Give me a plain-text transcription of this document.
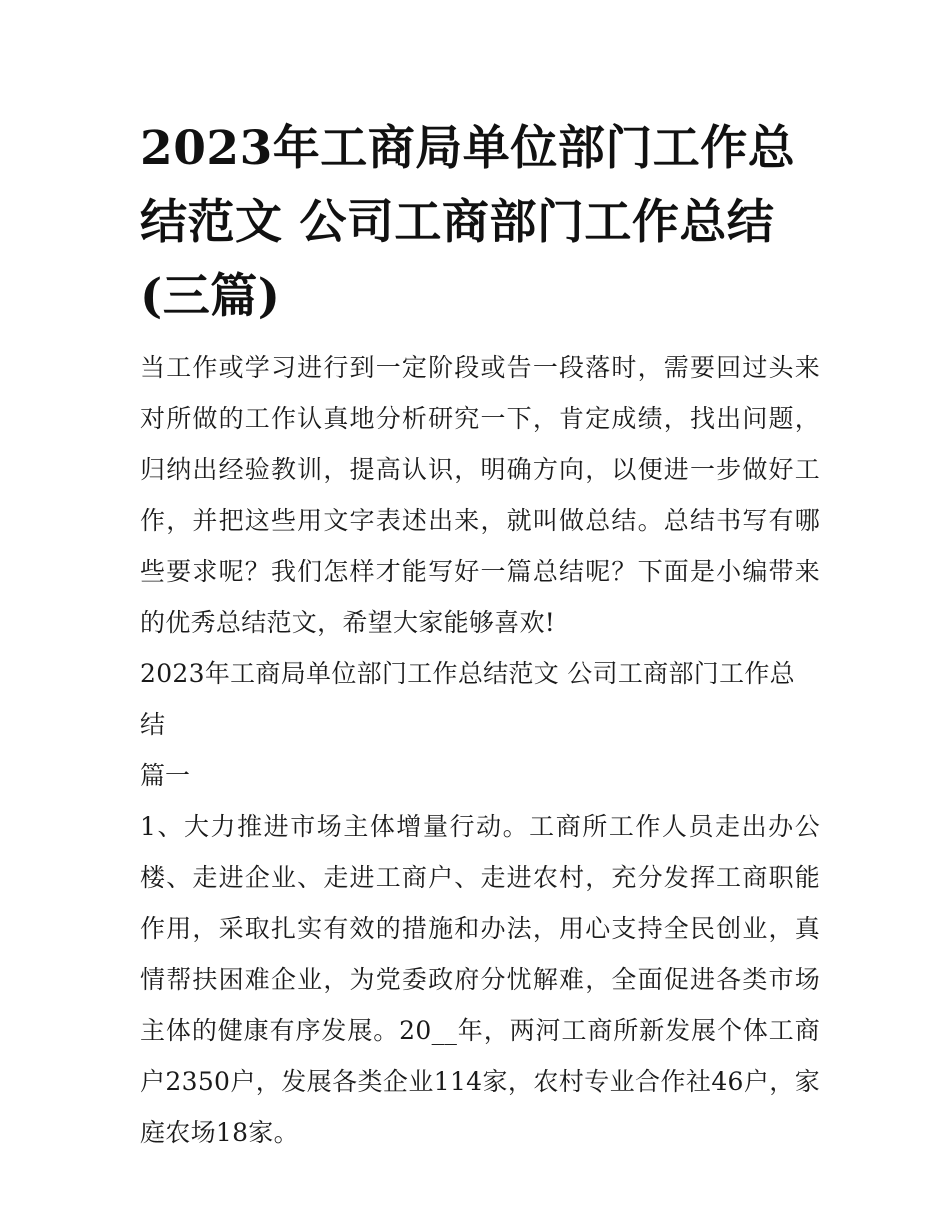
2023年工商局单位部门工作总结范文 公司工商部门工作总结(三篇)

当工作或学习进行到一定阶段或告一段落时，需要回过头来对所做的工作认真地分析研究一下，肯定成绩，找出问题，归纳出经验教训，提高认识，明确方向，以便进一步做好工作，并把这些用文字表述出来，就叫做总结。总结书写有哪些要求呢？我们怎样才能写好一篇总结呢？下面是小编带来的优秀总结范文，希望大家能够喜欢!

2023年工商局单位部门工作总结范文 公司工商部门工作总结

篇一

1、大力推进市场主体增量行动。工商所工作人员走出办公楼、走进企业、走进工商户、走进农村，充分发挥工商职能作用，采取扎实有效的措施和办法，用心支持全民创业，真情帮扶困难企业，为党委政府分忧解难，全面促进各类市场主体的健康有序发展。20__年，两河工商所新发展个体工商户2350户，发展各类企业114家，农村专业合作社46户，家庭农场18家。
